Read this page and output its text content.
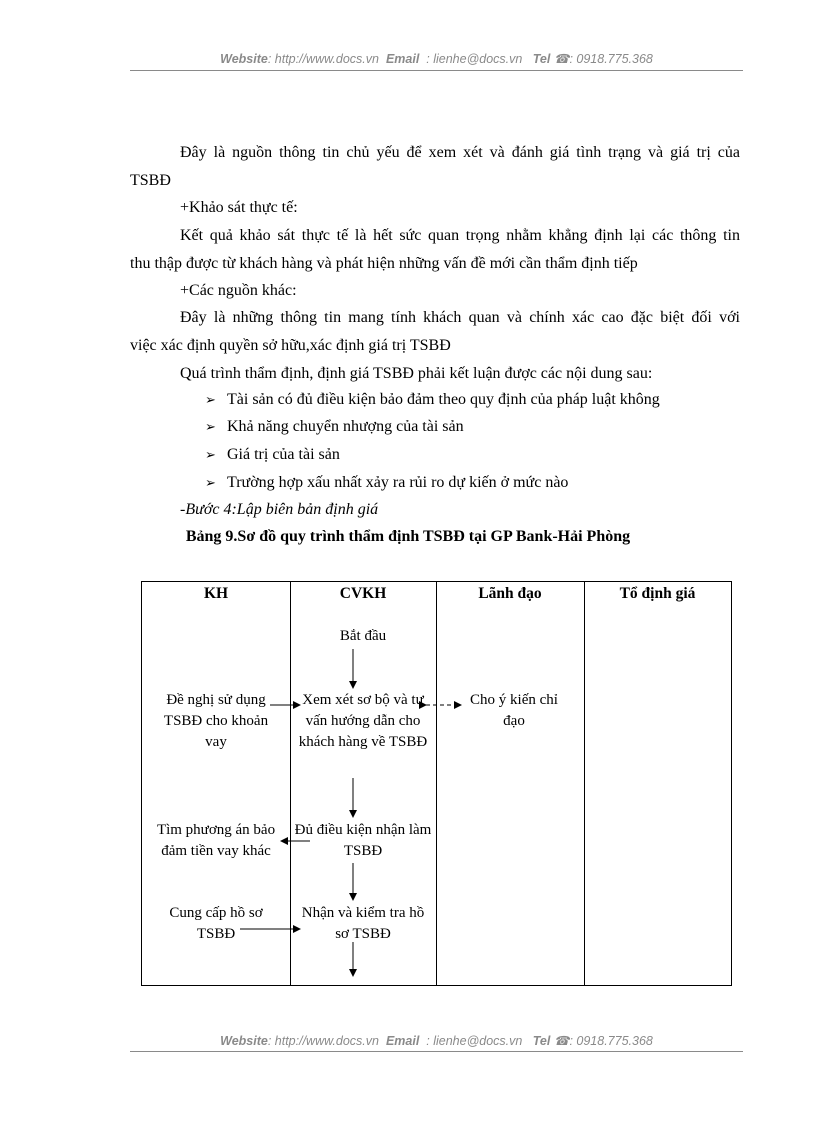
Website: http://www.docs.vn Email : lienhe@docs.vn Tel ☎: 0918.775.368
Đây là nguồn thông tin chủ yếu để xem xét và đánh giá tình trạng và giá trị của
TSBĐ
+Khảo sát thực tế:
Kết quả khảo sát thực tế là hết sức quan trọng nhằm khẳng định lại các thông tin
thu thập được từ khách hàng và phát hiện những vấn đề mới cần thẩm định tiếp
+Các nguồn khác:
Đây là những thông tin mang tính khách quan và chính xác cao đặc biệt đối với
việc xác định quyền sở hữu,xác định giá trị TSBĐ
Quá trình thẩm định, định giá TSBĐ phải kết luận được các nội dung sau:
➢ Tài sản có đủ điều kiện bảo đảm theo quy định của pháp luật không
➢ Khả năng chuyển nhượng của tài sản
➢ Giá trị của tài sản
➢ Trường hợp xấu nhất xảy ra rủi ro dự kiến ở mức nào
-Bước 4:Lập biên bản định giá
Bảng 9.Sơ đồ quy trình thẩm định TSBĐ tại GP Bank-Hải Phòng
KH	CVKH	Lãnh đạo	Tổ định giá
Bắt đầu
Đề nghị sử dụng TSBĐ cho khoản vay
Xem xét sơ bộ và tư vấn hướng dẫn cho khách hàng về TSBĐ
Cho ý kiến chỉ đạo
Đủ điều kiện nhận làm TSBĐ
Tìm phương án bảo đảm tiền vay khác
Cung cấp hồ sơ TSBĐ
Nhận và kiểm tra hồ sơ TSBĐ
Website: http://www.docs.vn Email : lienhe@docs.vn Tel ☎: 0918.775.368
